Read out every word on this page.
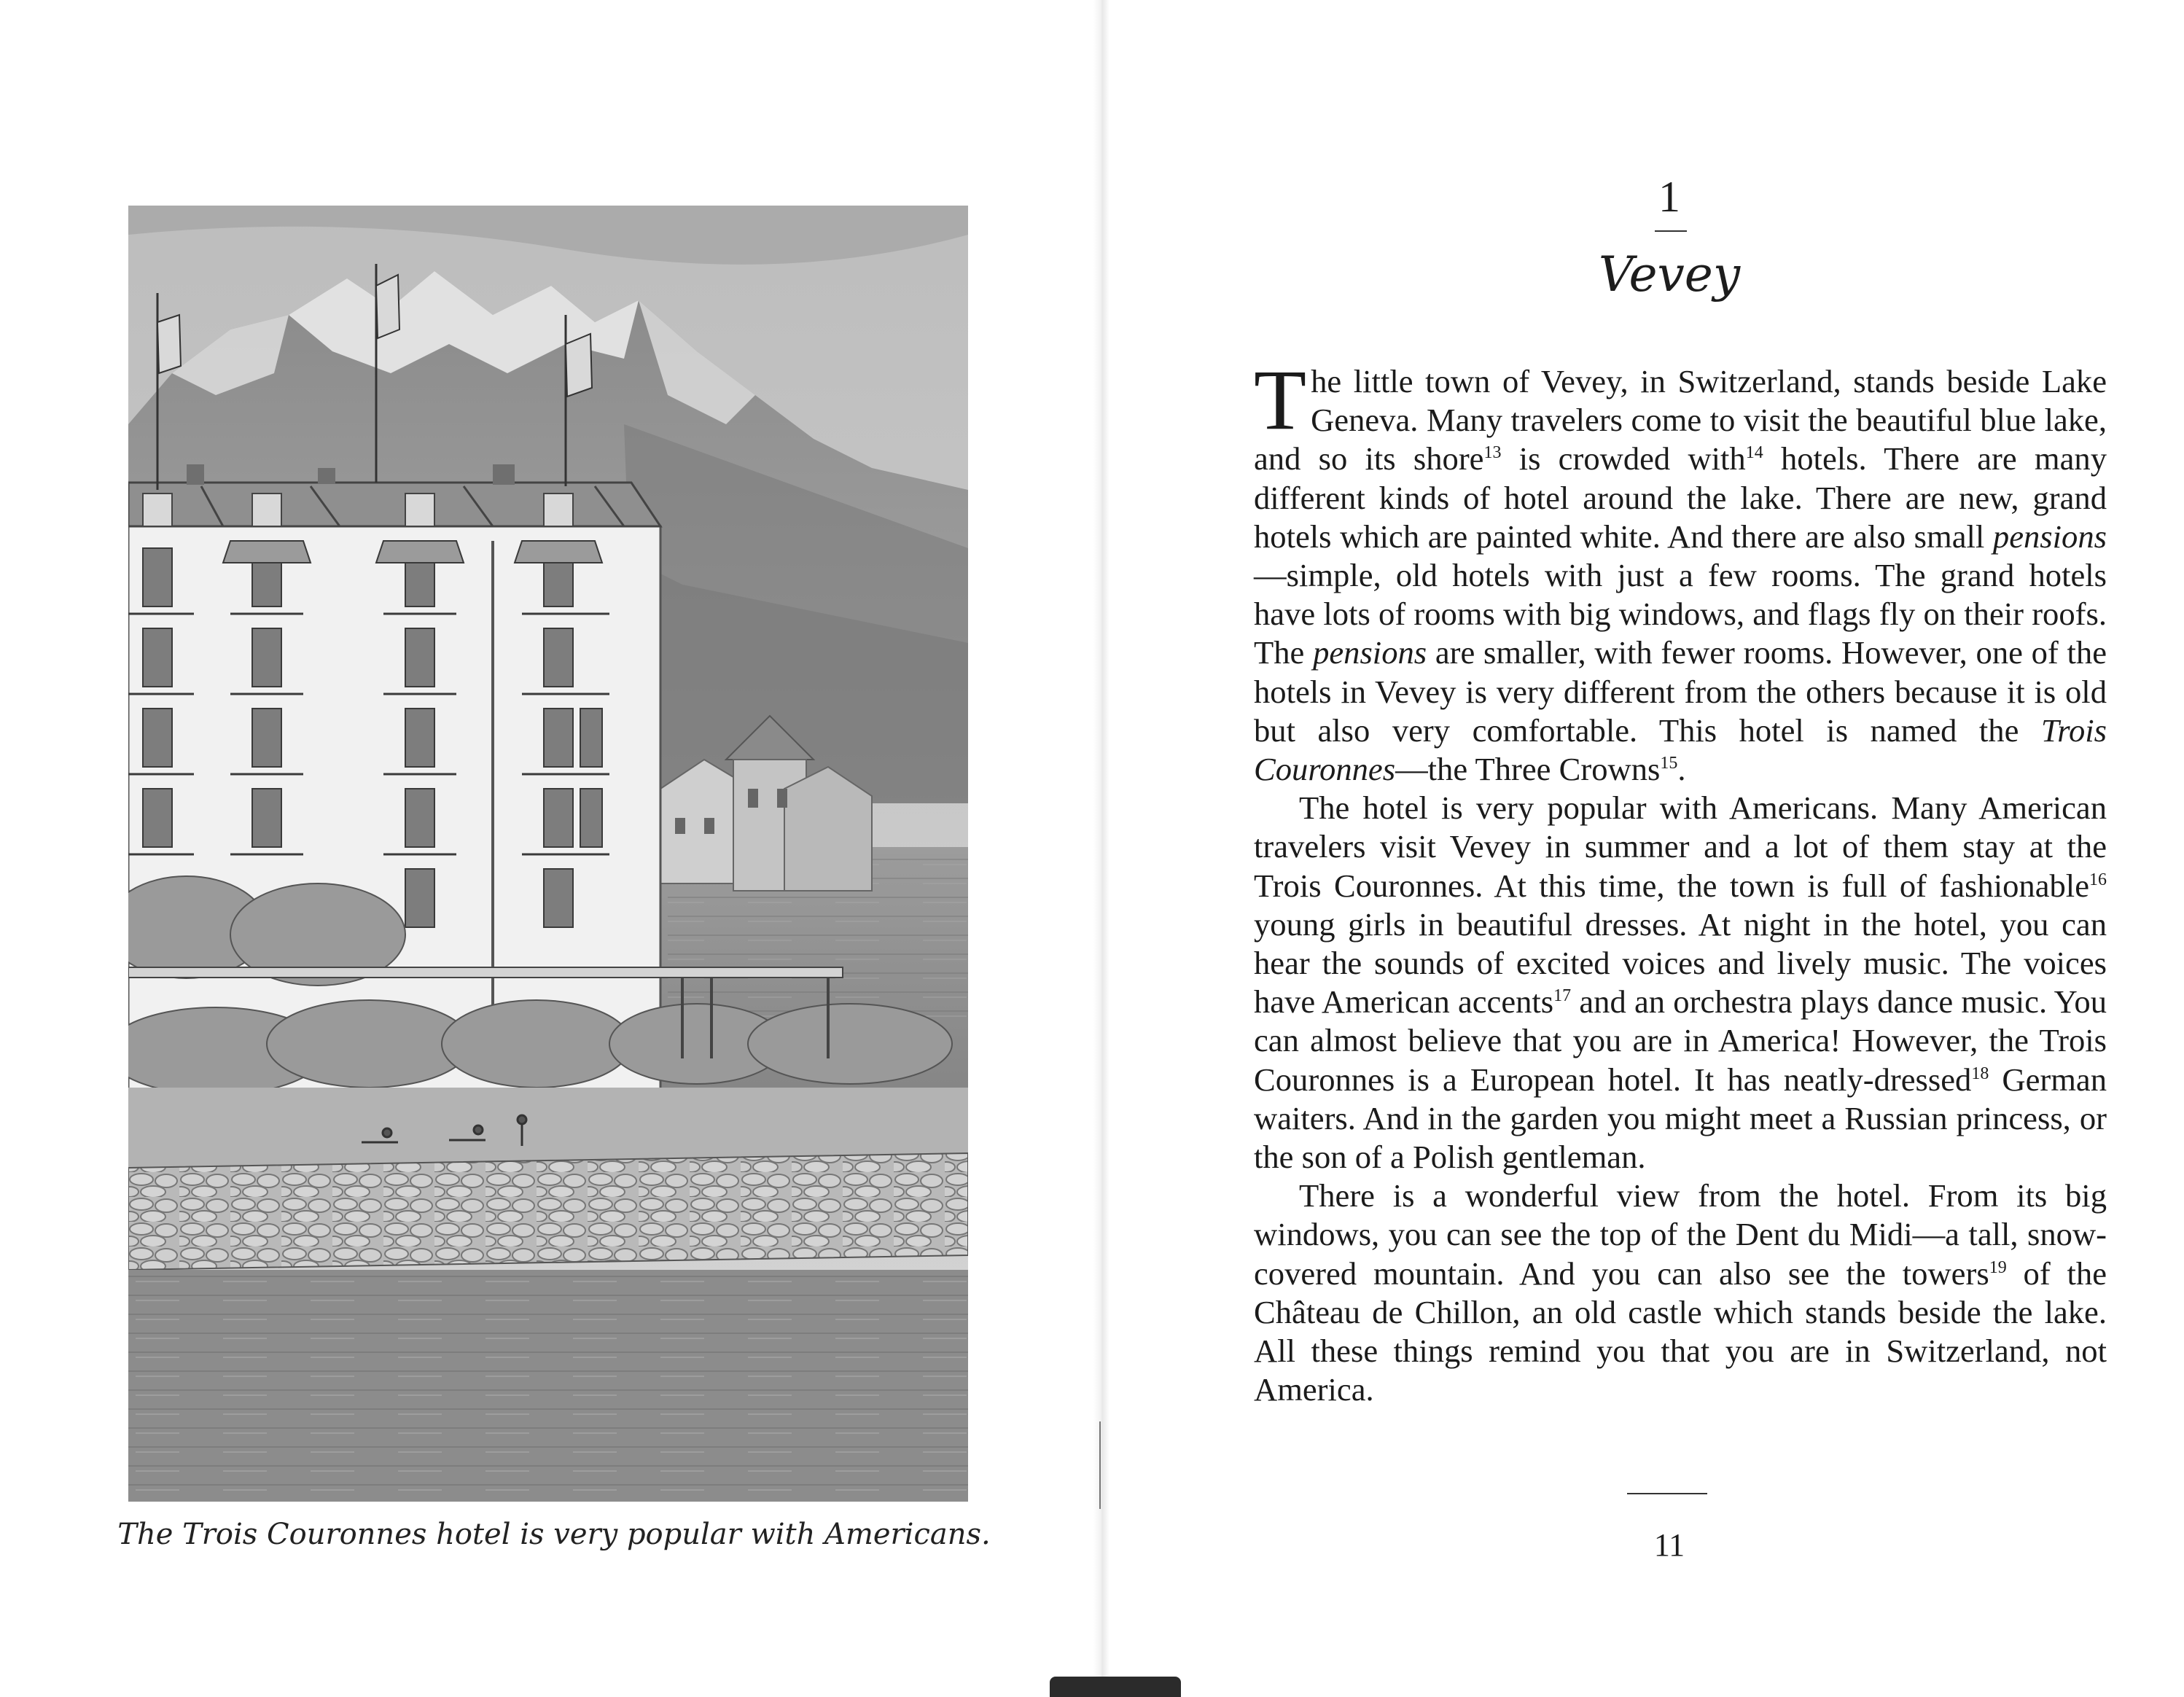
The Trois Couronnes hotel is very popular with Americans.

1

Vevey

The little town of Vevey, in Switzerland, stands beside Lake Geneva. Many travelers come to visit the beautiful blue lake, and so its shore$^{13}$ is crowded with$^{14}$ hotels. There are many different kinds of hotel around the lake. There are new, grand hotels which are painted white. And there are also small pensions—simple, old hotels with just a few rooms. The grand hotels have lots of rooms with big windows, and flags fly on their roofs. The pensions are smaller, with fewer rooms. However, one of the hotels in Vevey is very different from the others because it is old but also very comfortable. This hotel is named the Trois Couronnes—the Three Crowns$^{15}$.

The hotel is very popular with Americans. Many American travelers visit Vevey in summer and a lot of them stay at the Trois Couronnes. At this time, the town is full of fashionable$^{16}$ young girls in beautiful dresses. At night in the hotel, you can hear the sounds of excited voices and lively music. The voices have American accents$^{17}$ and an orchestra plays dance music. You can almost believe that you are in America! However, the Trois Couronnes is a European hotel. It has neatly-dressed$^{18}$ German waiters. And in the garden you might meet a Russian princess, or the son of a Polish gentleman.

There is a wonderful view from the hotel. From its big windows, you can see the top of the Dent du Midi—a tall, snow-covered mountain. And you can also see the towers$^{19}$ of the Château de Chillon, an old castle which stands beside the lake. All these things remind you that you are in Switzerland, not America.

11
